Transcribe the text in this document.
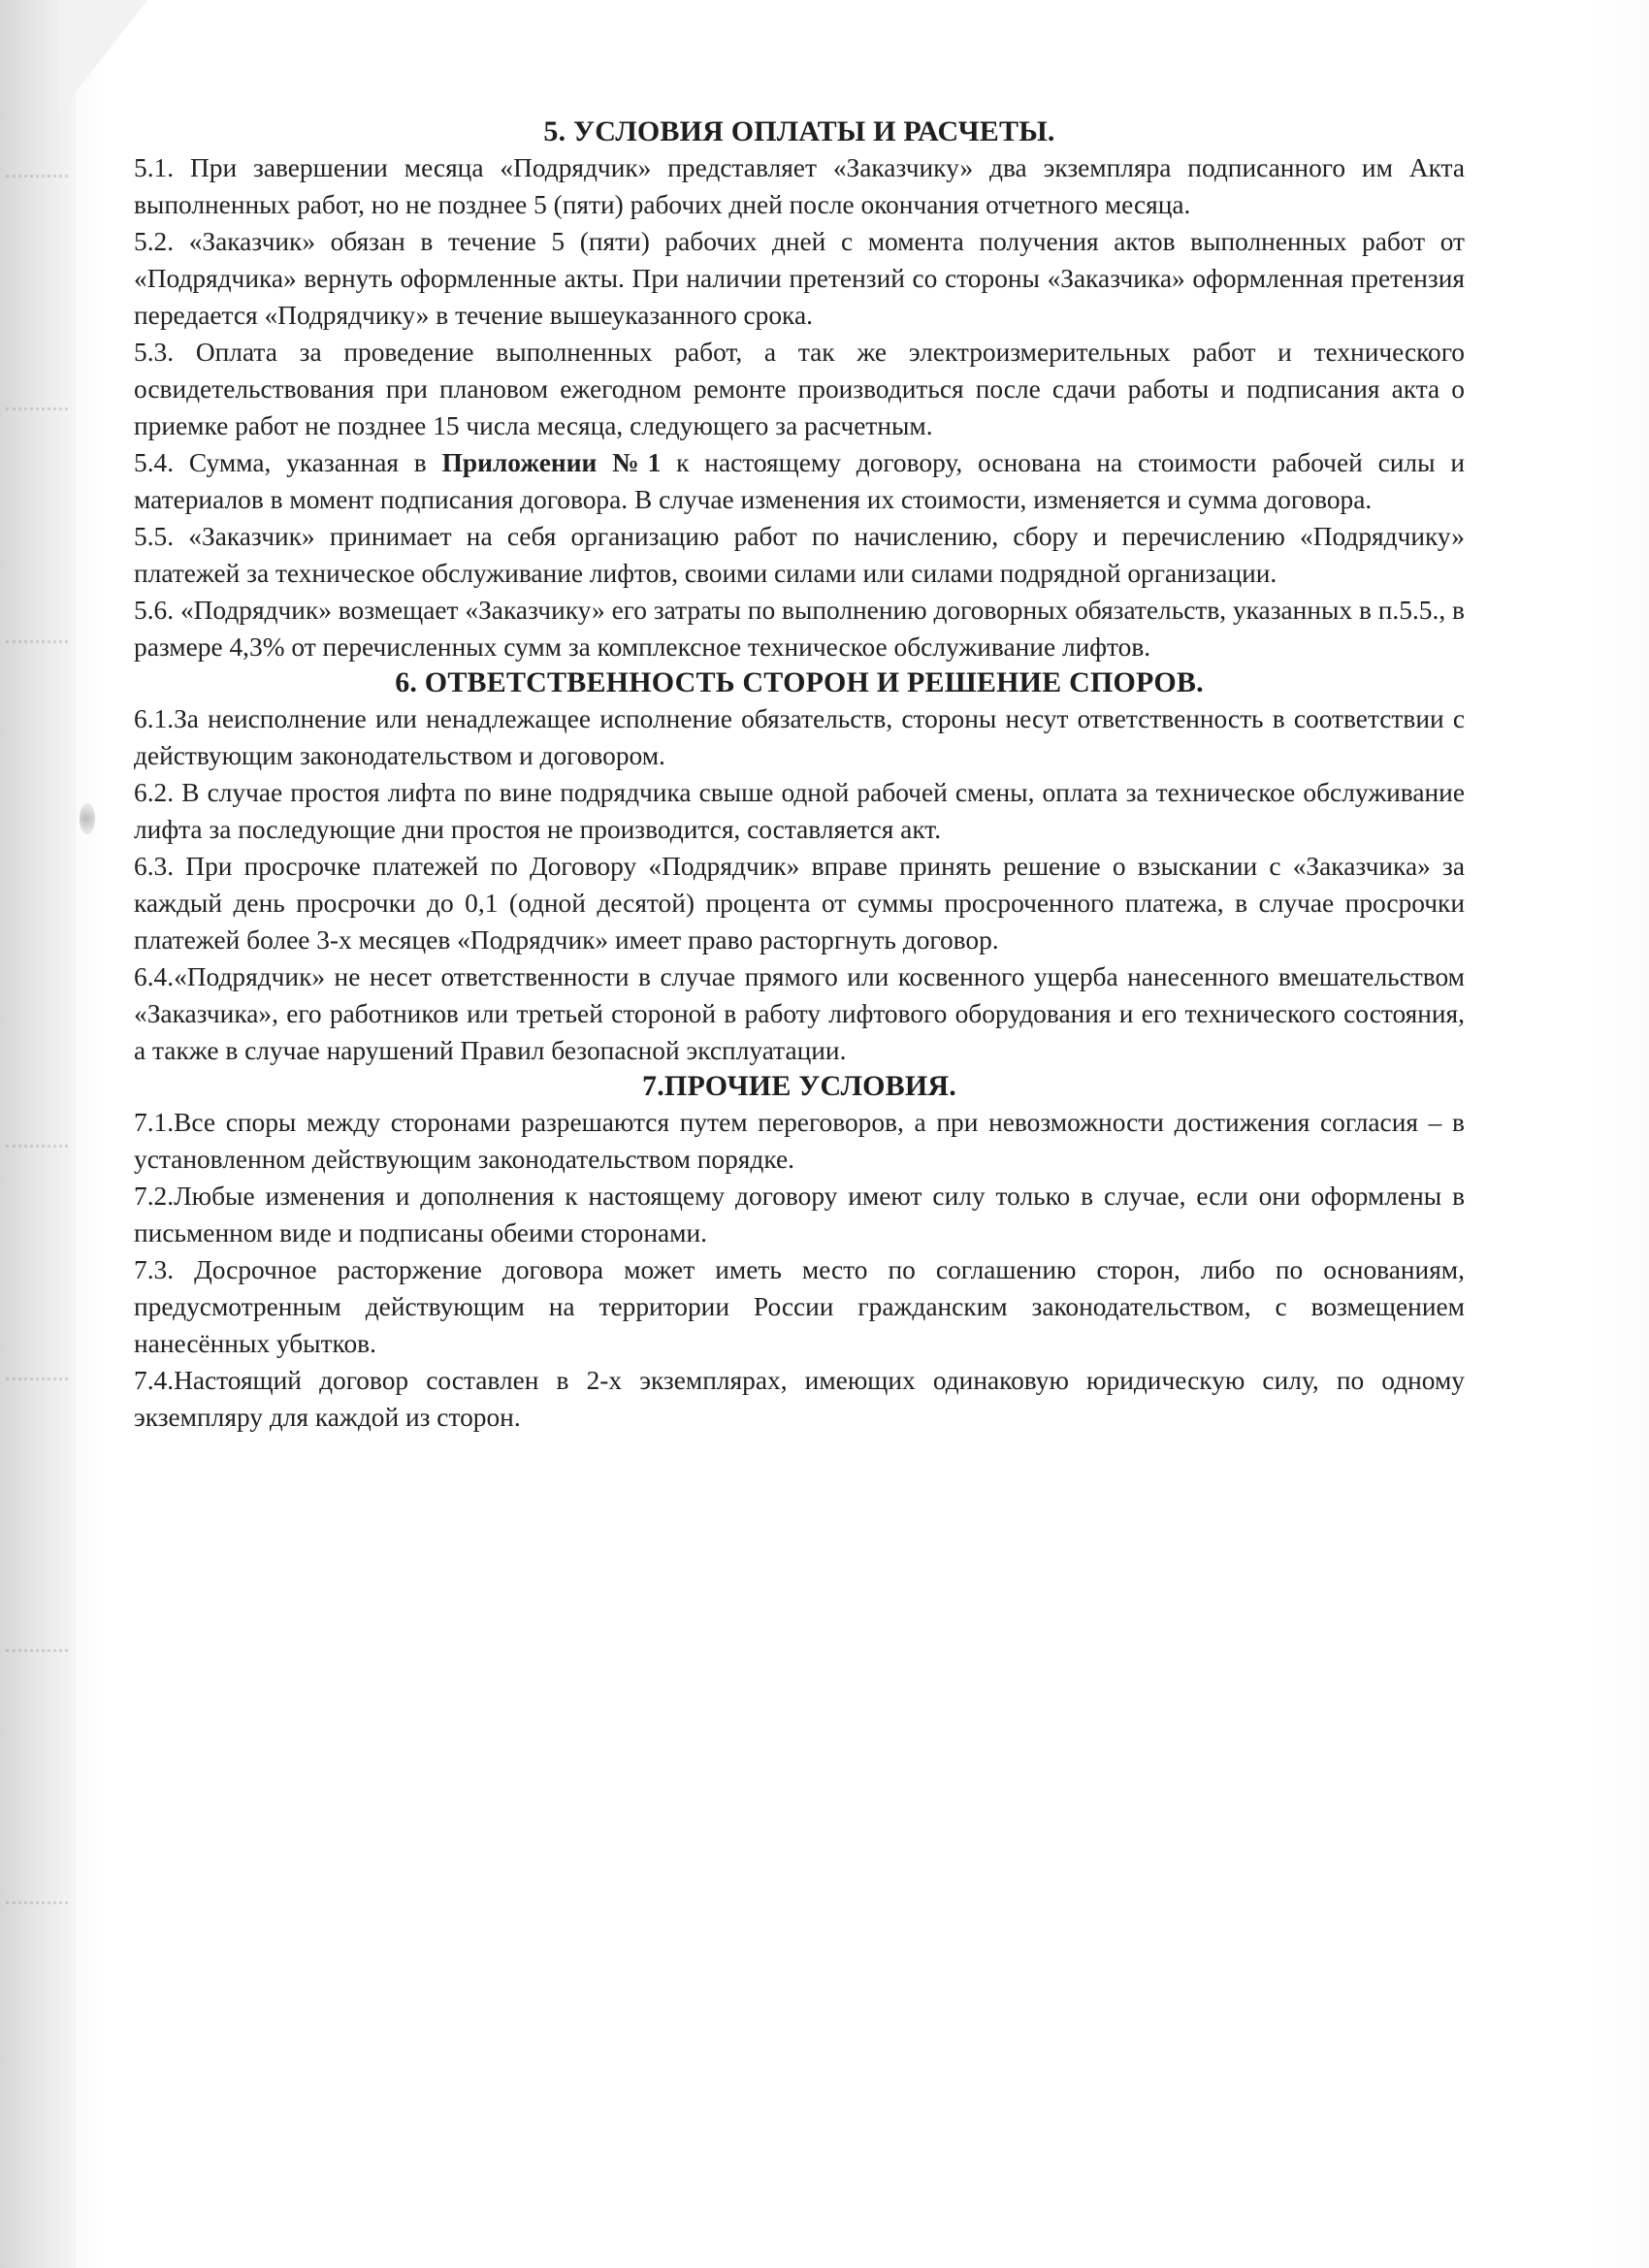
5. УСЛОВИЯ ОПЛАТЫ И РАСЧЕТЫ.

5.1. При завершении месяца «Подрядчик» представляет «Заказчику» два экземпляра подписанного им Акта выполненных работ, но не позднее 5 (пяти) рабочих дней после окончания отчетного месяца.

5.2. «Заказчик» обязан в течение 5 (пяти) рабочих дней с момента получения актов выполненных работ от «Подрядчика» вернуть оформленные акты. При наличии претензий со стороны «Заказчика» оформленная претензия передается «Подрядчику» в течение вышеуказанного срока.

5.3. Оплата за проведение выполненных работ, а так же электроизмерительных работ и технического освидетельствования при плановом ежегодном ремонте производиться после сдачи работы и подписания акта о приемке работ не позднее 15 числа месяца, следующего за расчетным.

5.4. Сумма, указанная в Приложении №1 к настоящему договору, основана на стоимости рабочей силы и материалов в момент подписания договора. В случае изменения их стоимости, изменяется и сумма договора.

5.5. «Заказчик» принимает на себя организацию работ по начислению, сбору и перечислению «Подрядчику» платежей за техническое обслуживание лифтов, своими силами или силами подрядной организации.

5.6. «Подрядчик» возмещает «Заказчику» его затраты по выполнению договорных обязательств, указанных в п.5.5., в размере 4,3% от перечисленных сумм за комплексное техническое обслуживание лифтов.

6. ОТВЕТСТВЕННОСТЬ СТОРОН И РЕШЕНИЕ СПОРОВ.

6.1.За неисполнение или ненадлежащее исполнение обязательств, стороны несут ответственность в соответствии с действующим законодательством и договором.

6.2. В случае простоя лифта по вине подрядчика свыше одной рабочей смены, оплата за техническое обслуживание лифта за последующие дни простоя не производится, составляется акт.

6.3. При просрочке платежей по Договору «Подрядчик» вправе принять решение о взыскании с «Заказчика» за каждый день просрочки до 0,1 (одной десятой) процента от суммы просроченного платежа, в случае просрочки платежей более 3-х месяцев «Подрядчик» имеет право расторгнуть договор.

6.4.«Подрядчик» не несет ответственности в случае прямого или косвенного ущерба нанесенного вмешательством «Заказчика», его работников или третьей стороной в работу лифтового оборудования и его технического состояния, а также в случае нарушений Правил безопасной эксплуатации.

7.ПРОЧИЕ УСЛОВИЯ.

7.1.Все споры между сторонами разрешаются путем переговоров, а при невозможности достижения согласия – в установленном действующим законодательством порядке.

7.2.Любые изменения и дополнения к настоящему договору имеют силу только в случае, если они оформлены в письменном виде и подписаны обеими сторонами.

7.3. Досрочное расторжение договора может иметь место по соглашению сторон, либо по основаниям, предусмотренным действующим на территории России гражданским законодательством, с возмещением нанесённых убытков.

7.4.Настоящий договор составлен в 2-х экземплярах, имеющих одинаковую юридическую силу, по одному экземпляру для каждой из сторон.
